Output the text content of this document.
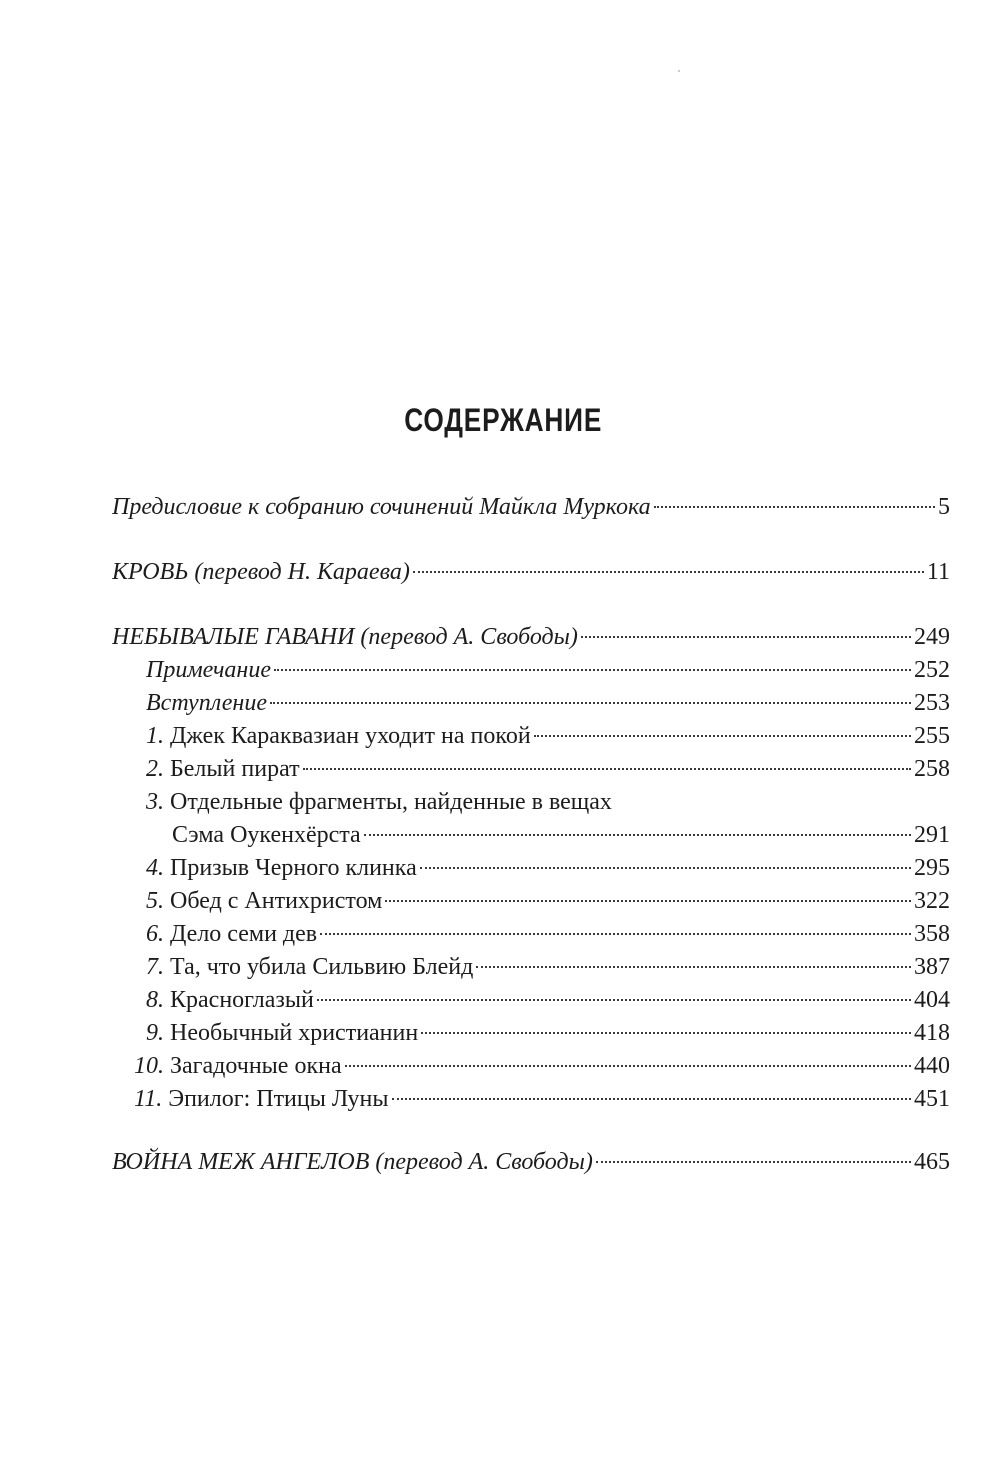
СОДЕРЖАНИЕ
Предисловие к собранию сочинений Майкла Муркока	5
КРОВЬ (перевод Н. Караева)	11
НЕБЫВАЛЫЕ ГАВАНИ (перевод А. Свободы)	249
Примечание	252
Вступление	253
1. Джек Караквазиан уходит на покой	255
2. Белый пират	258
3. Отдельные фрагменты, найденные в вещах
Сэма Оукенхёрста	291
4. Призыв Черного клинка	295
5. Обед с Антихристом	322
6. Дело семи дев	358
7. Та, что убила Сильвию Блейд	387
8. Красноглазый	404
9. Необычный христианин	418
10. Загадочные окна	440
11. Эпилог: Птицы Луны	451
ВОЙНА МЕЖ АНГЕЛОВ (перевод А. Свободы)	465
